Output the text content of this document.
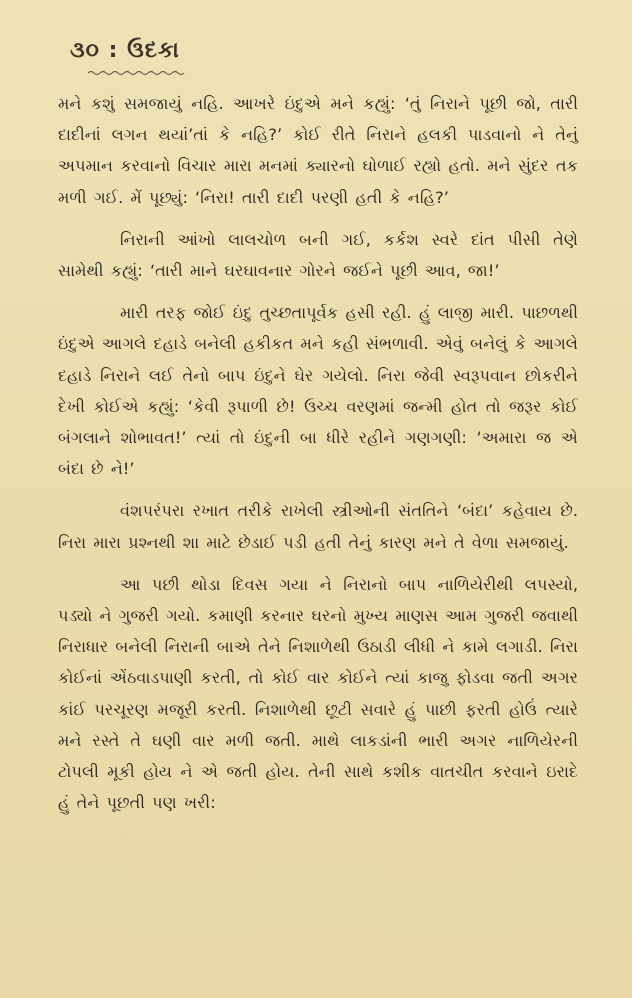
૩૦ : ઉદકા

મને કશું સમજાયું નહિ. આખરે ઇંદુએ મને કહ્યું: ‘તું નિરાને પૂછી જો, તારી દાદીનાં લગન થયાં’તાં કે નહિ?’ કોઈ રીતે નિરાને હલકી પાડવાનો ને તેનું અપમાન કરવાનો વિચાર મારા મનમાં ક્યારનો ઘોળાઈ રહ્યો હતો. મને સુંદર તક મળી ગઈ. મેં પૂછ્યું: ‘નિરા! તારી દાદી પરણી હતી કે નહિ?’

નિરાની આંખો લાલચોળ બની ગઈ, કર્કશ સ્વરે દાંત પીસી તેણે સામેથી કહ્યું: ‘તારી માને ઘરઘાવનાર ગોરને જઈને પૂછી આવ, જા!’

મારી તરફ જોઈ ઇંદુ તુચ્છતાપૂર્વક હસી રહી. હું લાજી મારી. પાછળથી ઇંદુએ આગલે દહાડે બનેલી હકીકત મને કહી સંભળાવી. એવું બનેલું કે આગલે દહાડે નિરાને લઈ તેનો બાપ ઇંદુને ઘેર ગયેલો. નિરા જેવી સ્વરૂપવાન છોકરીને દેખી કોઈએ કહ્યું: ‘કેવી રૂપાળી છે! ઉચ્ચ વરણમાં જન્મી હોત તો જરૂર કોઈ બંગલાને શોભાવત!’ ત્યાં તો ઇંદુની બા ધીરે રહીને ગણગણી: ‘અમારા જ એ બંદા છે ને!’

વંશપરંપરા રખાત તરીકે રાખેલી સ્ત્રીઓની સંતતિને ‘બંદા’ કહેવાય છે. નિરા મારા પ્રશ્નથી શા માટે છેડાઈ પડી હતી તેનું કારણ મને તે વેળા સમજાયું.

આ પછી થોડા દિવસ ગયા ને નિરાનો બાપ નાળિયેરીથી લપસ્યો, પડ્યો ને ગુજરી ગયો. કમાણી કરનાર ઘરનો મુખ્ય માણસ આમ ગુજરી જવાથી નિરાધાર બનેલી નિરાની બાએ તેને નિશાળેથી ઉઠાડી લીધી ને કામે લગાડી. નિરા કોઈનાં એંઠવાડપાણી કરતી, તો કોઈ વાર કોઈને ત્યાં કાજુ ફોડવા જતી અગર કાંઈ પરચૂરણ મજૂરી કરતી. નિશાળેથી છૂટી સવારે હું પાછી ફરતી હોઉં ત્યારે મને રસ્તે તે ઘણી વાર મળી જતી. માથે લાકડાંની ભારી અગર નાળિયેરની ટોપલી મૂકી હોય ને એ જતી હોય. તેની સાથે કશીક વાતચીત કરવાને ઇરાદે હું તેને પૂછતી પણ ખરી:
